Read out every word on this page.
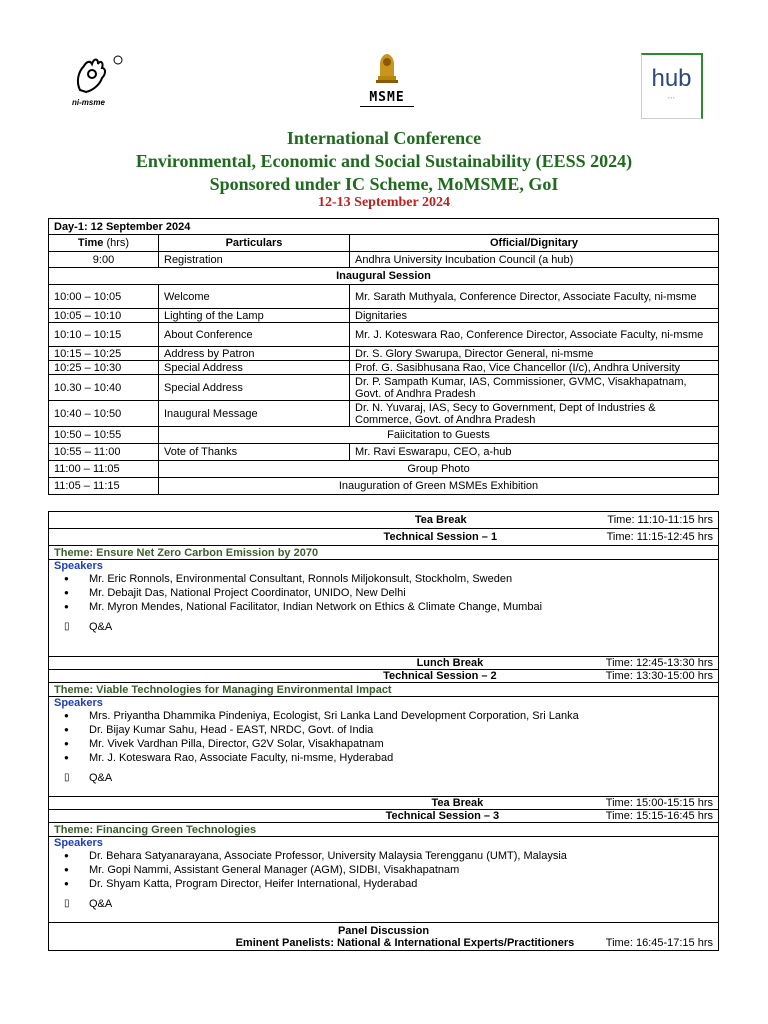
ni-msme	MSME
hub
▪ ▪ ▪
International Conference
Environmental, Economic and Social Sustainability (EESS 2024)
Sponsored under IC Scheme, MoMSME, GoI
12-13 September 2024
Day-1: 12 September 2024		
Time (hrs)	Particulars	Official/Dignitary
9:00	Registration	Andhra University Incubation Council (a hub)
Inaugural Session		
10:00 – 10:05	Welcome	Mr. Sarath Muthyala, Conference Director, Associate Faculty, ni-msme
10:05 – 10:10	Lighting of the Lamp	Dignitaries
10:10 – 10:15	About Conference	Mr. J. Koteswara Rao, Conference Director, Associate Faculty, ni-msme
10:15 – 10:25	Address by Patron	Dr. S. Glory Swarupa, Director General, ni-msme
10:25 – 10:30	Special Address	Prof. G. Sasibhusana Rao, Vice Chancellor (I/c), Andhra University
10.30 – 10:40	Special Address	Dr. P. Sampath Kumar, IAS, Commissioner, GVMC, Visakhapatnam, Govt. of Andhra Pradesh
10:40 – 10:50	Inaugural Message	Dr. N. Yuvaraj, IAS, Secy to Government, Dept of Industries & Commerce, Govt. of Andhra Pradesh
10:50 – 10:55	Faiicitation to Guests	
10:55 – 11:00	Vote of Thanks	Mr. Ravi Eswarapu, CEO, a-hub
11:00 – 11:05	Group Photo	
11:05 – 11:15	Inauguration of Green MSMEs Exhibition	
Tea Break	Time: 11:10-11:15 hrs

Technical Session – 1	Time: 11:15-12:45 hrs

Theme: Ensure Net Zero Carbon Emission by 2070

Speakers
● Mr. Eric Ronnols, Environmental Consultant, Ronnols Miljokonsult, Stockholm, Sweden
● Mr. Debajit Das, National Project Coordinator, UNIDO, New Delhi
● Mr. Myron Mendes, National Facilitator, Indian Network on Ethics & Climate Change, Mumbai
▯ Q&A

Lunch Break	Time: 12:45-13:30 hrs

Technical Session – 2	Time: 13:30-15:00 hrs

Theme: Viable Technologies for Managing Environmental Impact

Speakers
● Mrs. Priyantha Dhammika Pindeniya, Ecologist, Sri Lanka Land Development Corporation, Sri Lanka
● Dr. Bijay Kumar Sahu, Head - EAST, NRDC, Govt. of India
● Mr. Vivek Vardhan Pilla, Director, G2V Solar, Visakhapatnam
● Mr. J. Koteswara Rao, Associate Faculty, ni-msme, Hyderabad
▯ Q&A

Tea Break	Time: 15:00-15:15 hrs

Technical Session – 3	Time: 15:15-16:45 hrs

Theme: Financing Green Technologies

Speakers
● Dr. Behara Satyanarayana, Associate Professor, University Malaysia Terengganu (UMT), Malaysia
● Mr. Gopi Nammi, Assistant General Manager (AGM), SIDBI, Visakhapatnam
● Dr. Shyam Katta, Program Director, Heifer International, Hyderabad
▯ Q&A

Panel Discussion
Eminent Panelists: National & International Experts/Practitioners	Time: 16:45-17:15 hrs
